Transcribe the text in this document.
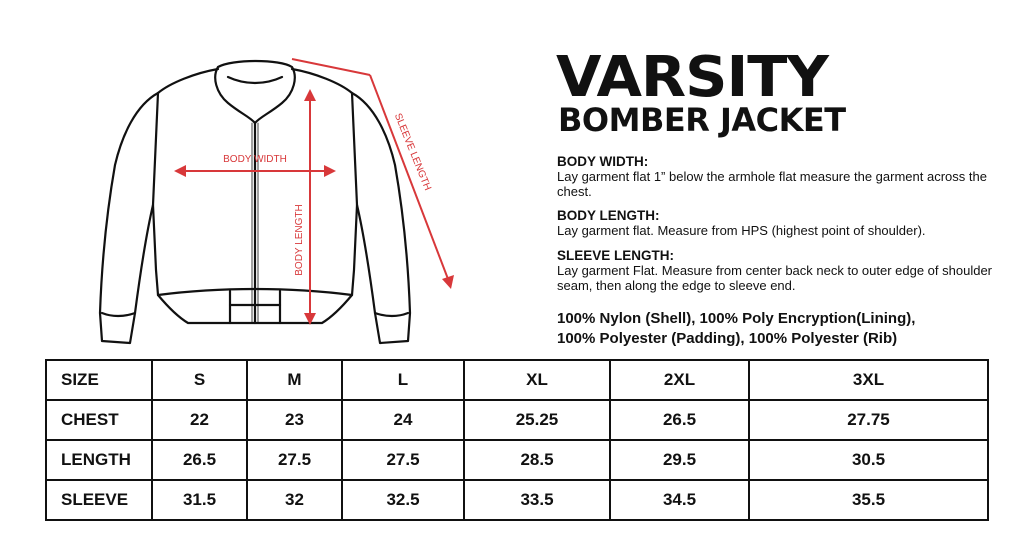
BODY WIDTH
BODY LENGTH
SLEEVE LENGTH
VARSITY
BOMBER JACKET
BODY WIDTH:
Lay garment flat 1” below the armhole flat measure the garment across the chest.
BODY LENGTH:
Lay garment flat. Measure from HPS (highest point of shoulder).
SLEEVE LENGTH:
Lay garment Flat. Measure from center back neck to outer edge of shoulder seam, then along the edge to sleeve end.
100% Nylon (Shell), 100% Poly Encryption(Lining),
100% Polyester (Padding), 100% Polyester (Rib)
SIZE	S	M	L	XL	2XL	3XL
CHEST	22	23	24	25.25	26.5	27.75
LENGTH	26.5	27.5	27.5	28.5	29.5	30.5
SLEEVE	31.5	32	32.5	33.5	34.5	35.5
